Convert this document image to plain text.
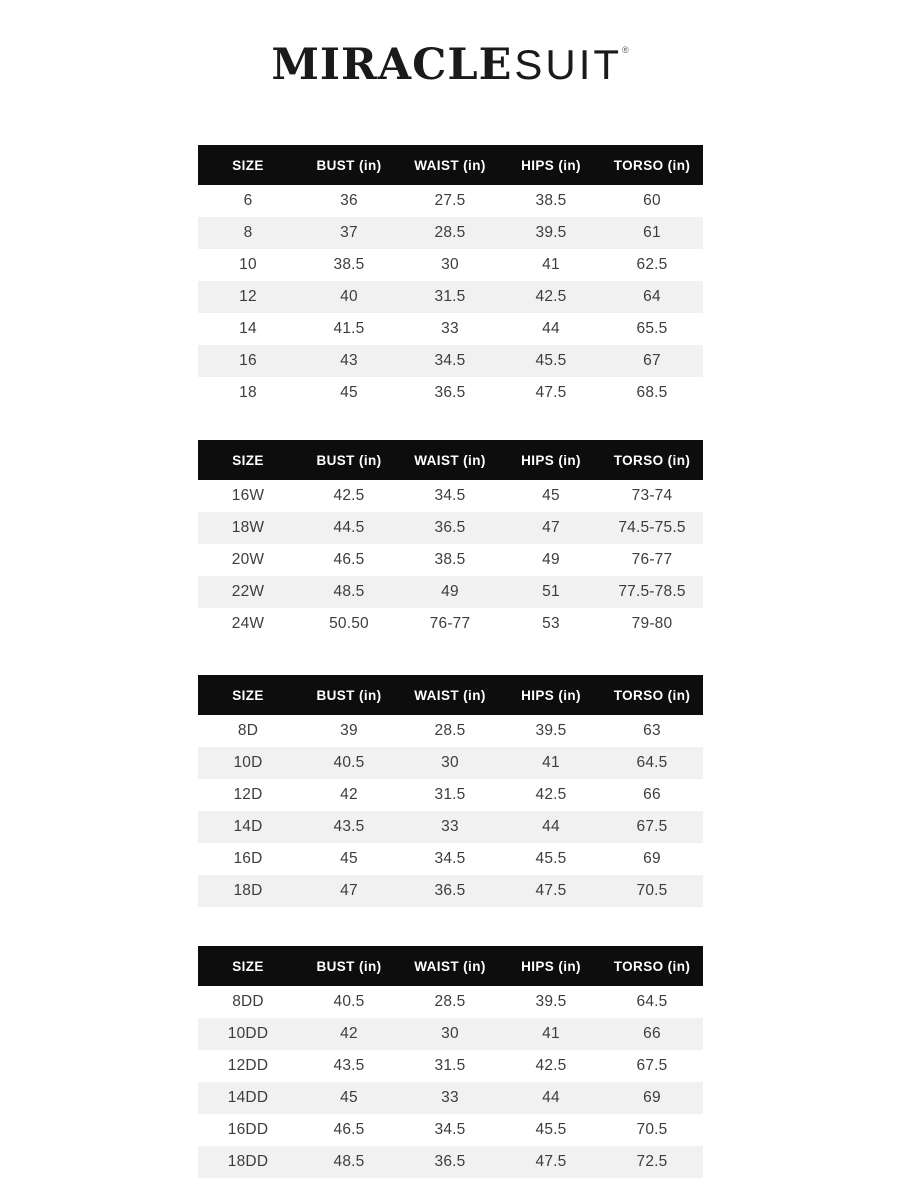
MIRACLESUIT®
SIZE	BUST (in)	WAIST (in)	HIPS (in)	TORSO (in)
6	36	27.5	38.5	60
8	37	28.5	39.5	61
10	38.5	30	41	62.5
12	40	31.5	42.5	64
14	41.5	33	44	65.5
16	43	34.5	45.5	67
18	45	36.5	47.5	68.5
SIZE	BUST (in)	WAIST (in)	HIPS (in)	TORSO (in)
16W	42.5	34.5	45	73-74
18W	44.5	36.5	47	74.5-75.5
20W	46.5	38.5	49	76-77
22W	48.5	49	51	77.5-78.5
24W	50.50	76-77	53	79-80
SIZE	BUST (in)	WAIST (in)	HIPS (in)	TORSO (in)
8D	39	28.5	39.5	63
10D	40.5	30	41	64.5
12D	42	31.5	42.5	66
14D	43.5	33	44	67.5
16D	45	34.5	45.5	69
18D	47	36.5	47.5	70.5
SIZE	BUST (in)	WAIST (in)	HIPS (in)	TORSO (in)
8DD	40.5	28.5	39.5	64.5
10DD	42	30	41	66
12DD	43.5	31.5	42.5	67.5
14DD	45	33	44	69
16DD	46.5	34.5	45.5	70.5
18DD	48.5	36.5	47.5	72.5
